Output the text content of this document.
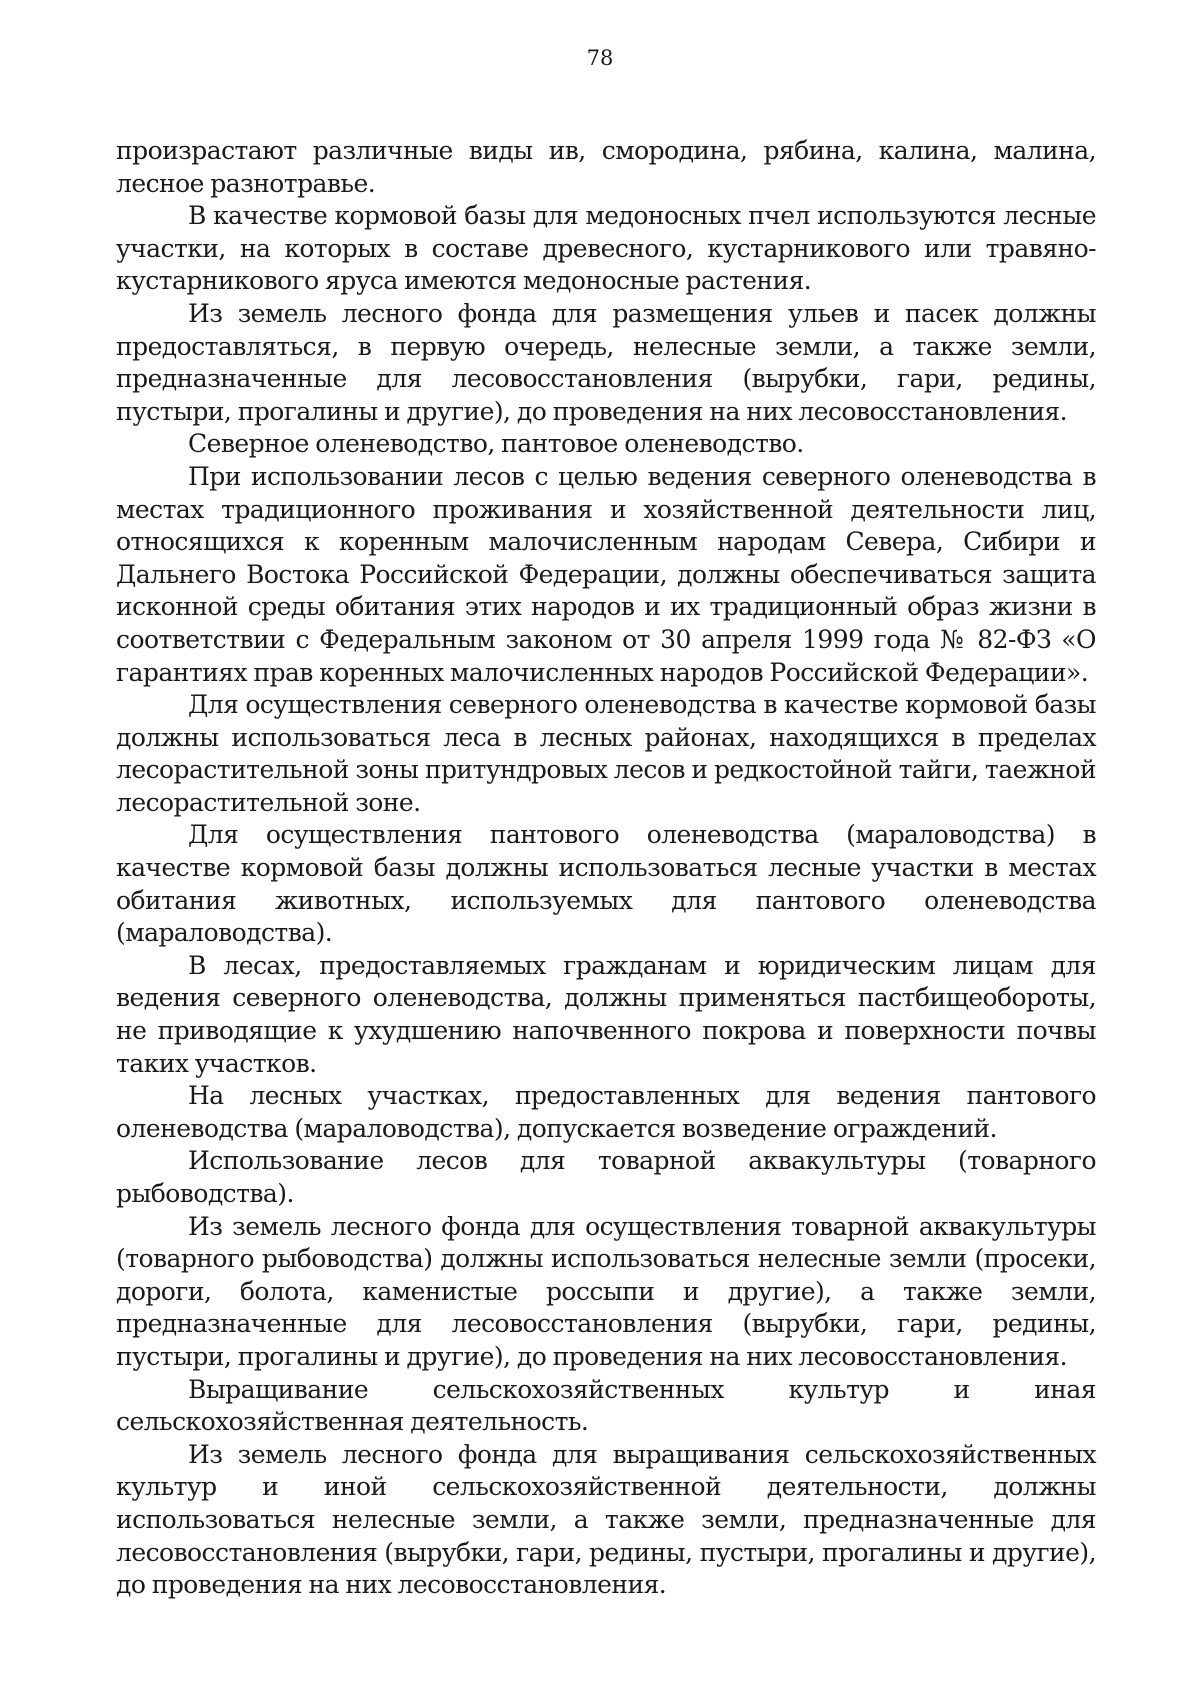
78

произрастают различные виды ив, смородина, рябина, калина, малина, лесное разнотравье.

В качестве кормовой базы для медоносных пчел используются лесные участки, на которых в составе древесного, кустарникового или травяно-кустарникового яруса имеются медоносные растения.

Из земель лесного фонда для размещения ульев и пасек должны предоставляться, в первую очередь, нелесные земли, а также земли, предназначенные для лесовосстановления (вырубки, гари, редины, пустыри, прогалины и другие), до проведения на них лесовосстановления.

Северное оленеводство, пантовое оленеводство.

При использовании лесов с целью ведения северного оленеводства в местах традиционного проживания и хозяйственной деятельности лиц, относящихся к коренным малочисленным народам Севера, Сибири и Дальнего Востока Российской Федерации, должны обеспечиваться защита исконной среды обитания этих народов и их традиционный образ жизни в соответствии с Федеральным законом от 30 апреля 1999 года № 82-ФЗ «О гарантиях прав коренных малочисленных народов Российской Федерации».

Для осуществления северного оленеводства в качестве кормовой базы должны использоваться леса в лесных районах, находящихся в пределах лесорастительной зоны притундровых лесов и редкостойной тайги, таежной лесорастительной зоне.

Для осуществления пантового оленеводства (мараловодства) в качестве кормовой базы должны использоваться лесные участки в местах обитания животных, используемых для пантового оленеводства (мараловодства).

В лесах, предоставляемых гражданам и юридическим лицам для ведения северного оленеводства, должны применяться пастбищеобороты, не приводящие к ухудшению напочвенного покрова и поверхности почвы таких участков.

На лесных участках, предоставленных для ведения пантового оленеводства (мараловодства), допускается возведение ограждений.

Использование лесов для товарной аквакультуры (товарного рыбоводства).

Из земель лесного фонда для осуществления товарной аквакультуры (товарного рыбоводства) должны использоваться нелесные земли (просеки, дороги, болота, каменистые россыпи и другие), а также земли, предназначенные для лесовосстановления (вырубки, гари, редины, пустыри, прогалины и другие), до проведения на них лесовосстановления.

Выращивание сельскохозяйственных культур и иная сельскохозяйственная деятельность.

Из земель лесного фонда для выращивания сельскохозяйственных культур и иной сельскохозяйственной деятельности, должны использоваться нелесные земли, а также земли, предназначенные для лесовосстановления (вырубки, гари, редины, пустыри, прогалины и другие), до проведения на них лесовосстановления.
